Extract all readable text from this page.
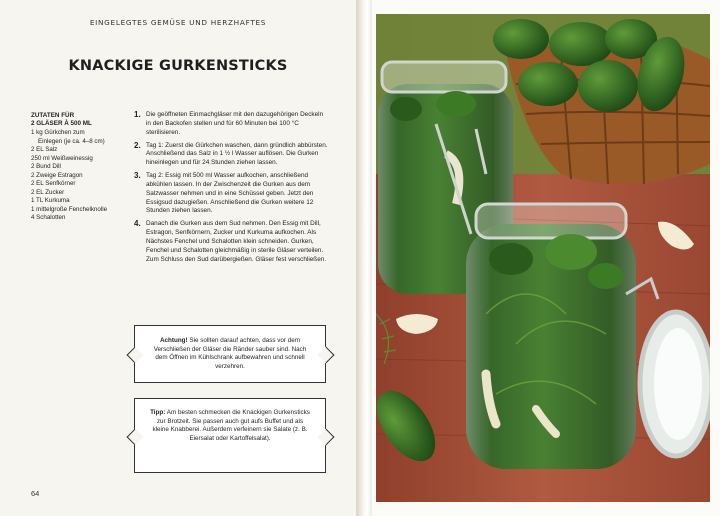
EINGELEGTES GEMÜSE UND HERZHAFTES
KNACKIGE GURKENSTICKS
ZUTATEN FÜR
2 GLÄSER À 500 ML
1 kg Gürkchen zum
Einlegen (je ca. 4–8 cm)
2 EL Salz
250 ml Weißweinessig
2 Bund Dill
2 Zweige Estragon
2 EL Senfkörner
2 EL Zucker
1 TL Kurkuma
1 mittelgroße Fenchelknolle
4 Schalotten
1. Die geöffneten Einmachgläser mit den dazugehörigen Deckeln in den Backofen stellen und für 60 Minuten bei 100 °C sterilisieren.
2. Tag 1: Zuerst die Gürkchen waschen, dann gründlich abbürsten. Anschließend das Salz in 1 ½ l Wasser auflösen. Die Gurken hineinlegen und für 24 Stunden ziehen lassen.
3. Tag 2: Essig mit 500 ml Wasser aufkochen, anschließend abkühlen lassen. In der Zwischenzeit die Gurken aus dem Salzwasser nehmen und in eine Schüssel geben. Jetzt den Essigsud dazugießen. Anschließend die Gurken weitere 12 Stunden ziehen lassen.
4. Danach die Gurken aus dem Sud nehmen. Den Essig mit Dill, Estragon, Senfkörnern, Zucker und Kurkuma aufkochen. Als Nächstes Fenchel und Schalotten klein schneiden. Gurken, Fenchel und Schalotten gleichmäßig in sterile Gläser verteilen. Zum Schluss den Sud darübergießen. Gläser fest verschließen.
Achtung! Sie sollten darauf achten, dass vor dem Verschließen der Gläser die Ränder sauber sind. Nach dem Öffnen im Kühlschrank aufbewahren und schnell verzehren.
Tipp: Am besten schmecken die Knackigen Gurkensticks zur Brotzeit. Sie passen auch gut aufs Buffet und als kleine Knabberei. Außerdem verfeinern sie Salate (z. B. Eiersalat oder Kartoffelsalat).
64
